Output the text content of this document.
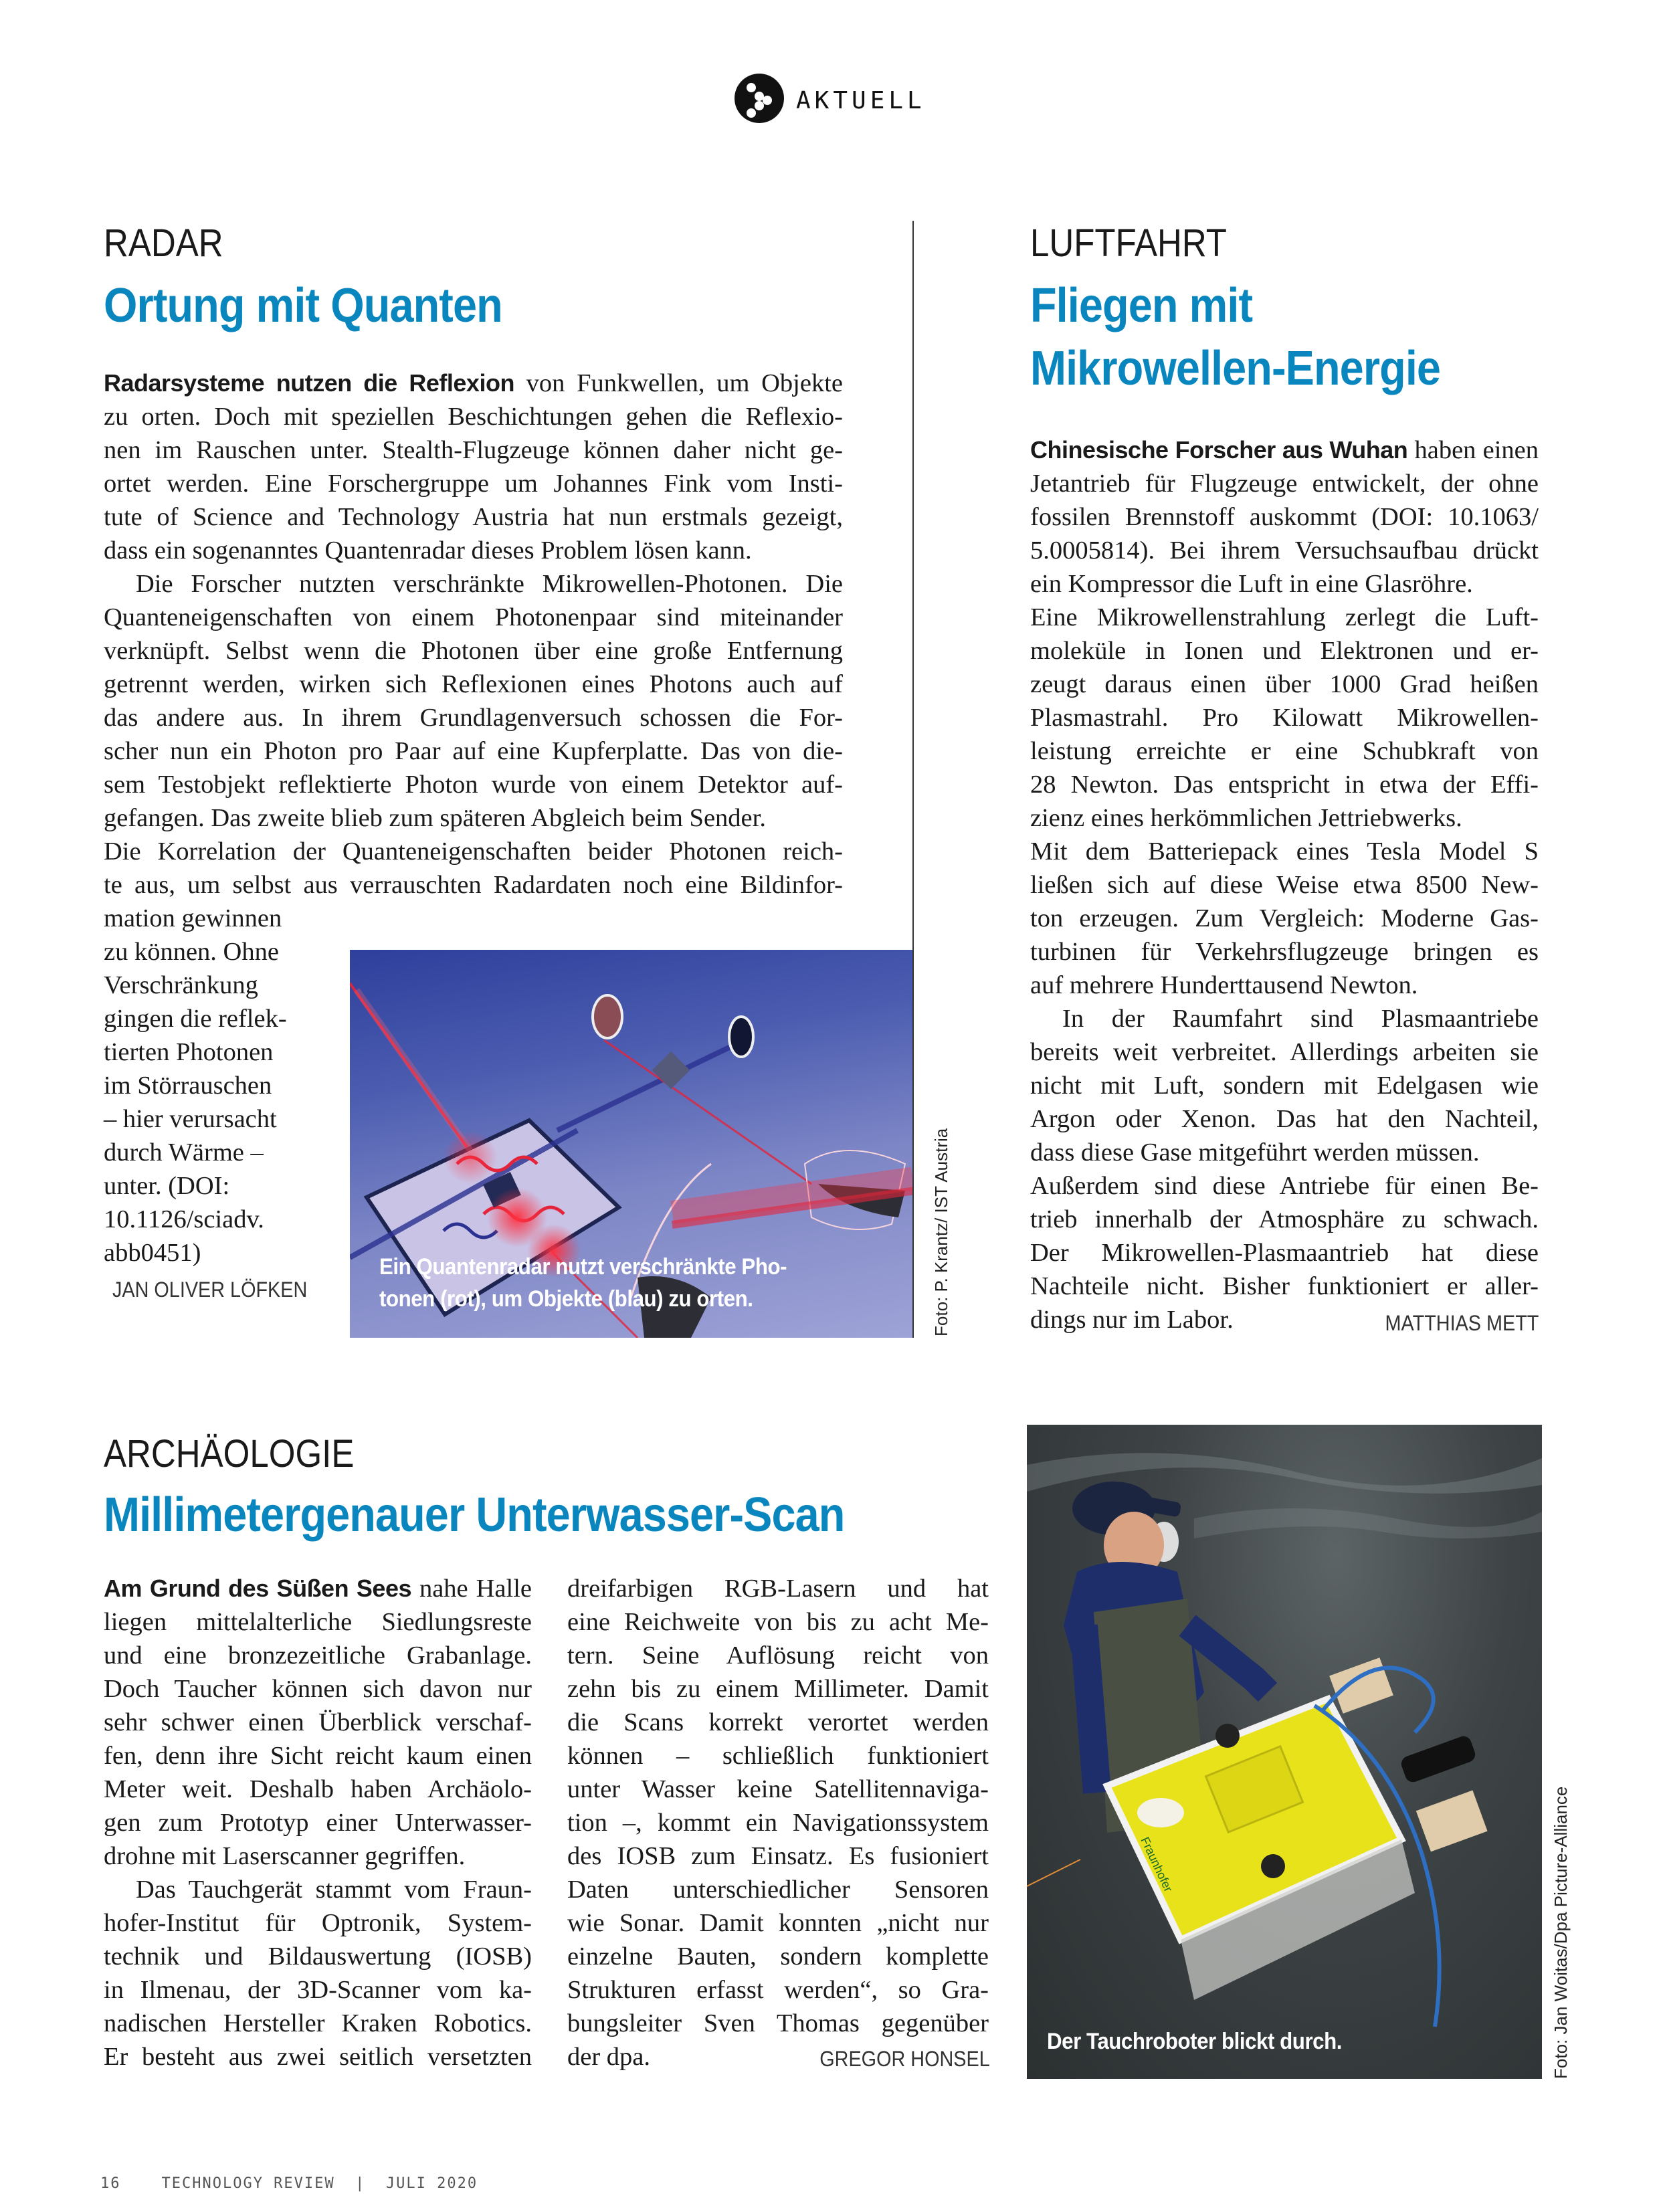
AKTUELL
RADAR
Ortung mit Quanten
Radarsysteme nutzen die Reflexion von Funkwellen, um Objekte
zu orten. Doch mit speziellen Beschichtungen gehen die Reflexio-
nen im Rauschen unter. Stealth-Flugzeuge können daher nicht ge-
ortet werden. Eine Forschergruppe um Johannes Fink vom Insti-
tute of Science and Technology Austria hat nun erstmals gezeigt,
dass ein sogenanntes Quantenradar dieses Problem lösen kann.
Die Forscher nutzten verschränkte Mikrowellen-Photonen. Die
Quanteneigenschaften von einem Photonenpaar sind miteinander
verknüpft. Selbst wenn die Photonen über eine große Entfernung
getrennt werden, wirken sich Reflexionen eines Photons auch auf
das andere aus. In ihrem Grundlagenversuch schossen die For-
scher nun ein Photon pro Paar auf eine Kupferplatte. Das von die-
sem Testobjekt reflektierte Photon wurde von einem Detektor auf-
gefangen. Das zweite blieb zum späteren Abgleich beim Sender.
Die Korrelation der Quanteneigenschaften beider Photonen reich-
te aus, um selbst aus verrauschten Radardaten noch eine Bildinfor-
mation gewinnen
zu können. Ohne
Verschränkung
gingen die reflek-
tierten Photonen
im Störrauschen
– hier verursacht
durch Wärme –
unter. (DOI:
10.1126/sciadv.
abb0451)
JAN OLIVER LÖFKEN
Ein Quantenradar nutzt verschränkte Pho-
tonen (rot), um Objekte (blau) zu orten.	Foto: P. Krantz/ IST Austria
LUFTFAHRT
Fliegen mit
Mikrowellen-Energie
Chinesische Forscher aus Wuhan haben einen
Jetantrieb für Flugzeuge entwickelt, der ohne
fossilen Brennstoff auskommt (DOI: 10.1063/
5.0005814). Bei ihrem Versuchsaufbau drückt
ein Kompressor die Luft in eine Glasröhre.
Eine Mikrowellenstrahlung zerlegt die Luft-
moleküle in Ionen und Elektronen und er-
zeugt daraus einen über 1000 Grad heißen
Plasmastrahl. Pro Kilowatt Mikrowellen-
leistung erreichte er eine Schubkraft von
28 Newton. Das entspricht in etwa der Effi-
zienz eines herkömmlichen Jettriebwerks.
Mit dem Batteriepack eines Tesla Model S
ließen sich auf diese Weise etwa 8500 New-
ton erzeugen. Zum Vergleich: Moderne Gas-
turbinen für Verkehrsflugzeuge bringen es
auf mehrere Hunderttausend Newton.
In der Raumfahrt sind Plasmaantriebe
bereits weit verbreitet. Allerdings arbeiten sie
nicht mit Luft, sondern mit Edelgasen wie
Argon oder Xenon. Das hat den Nachteil,
dass diese Gase mitgeführt werden müssen.
Außerdem sind diese Antriebe für einen Be-
trieb innerhalb der Atmosphäre zu schwach.
Der Mikrowellen-Plasmaantrieb hat diese
Nachteile nicht. Bisher funktioniert er aller-
dings nur im Labor.	MATTHIAS METT
ARCHÄOLOGIE
Millimetergenauer Unterwasser-Scan
Am Grund des Süßen Sees nahe Halle
liegen mittelalterliche Siedlungsreste
und eine bronzezeitliche Grabanlage.
Doch Taucher können sich davon nur
sehr schwer einen Überblick verschaf-
fen, denn ihre Sicht reicht kaum einen
Meter weit. Deshalb haben Archäolo-
gen zum Prototyp einer Unterwasser-
drohne mit Laserscanner gegriffen.
Das Tauchgerät stammt vom Fraun-
hofer-Institut für Optronik, System-
technik und Bildauswertung (IOSB)
in Ilmenau, der 3D-Scanner vom ka-
nadischen Hersteller Kraken Robotics.
Er besteht aus zwei seitlich versetzten
dreifarbigen RGB-Lasern und hat
eine Reichweite von bis zu acht Me-
tern. Seine Auflösung reicht von
zehn bis zu einem Millimeter. Damit
die Scans korrekt verortet werden
können – schließlich funktioniert
unter Wasser keine Satellitennaviga-
tion –, kommt ein Navigationssystem
des IOSB zum Einsatz. Es fusioniert
Daten unterschiedlicher Sensoren
wie Sonar. Damit konnten „nicht nur
einzelne Bauten, sondern komplette
Strukturen erfasst werden“, so Gra-
bungsleiter Sven Thomas gegenüber
der dpa.	GREGOR HONSEL
Fraunhofer
Der Tauchroboter blickt durch.	Foto: Jan Woitas/Dpa Picture-Alliance
16	TECHNOLOGY REVIEW | JULI 2020
